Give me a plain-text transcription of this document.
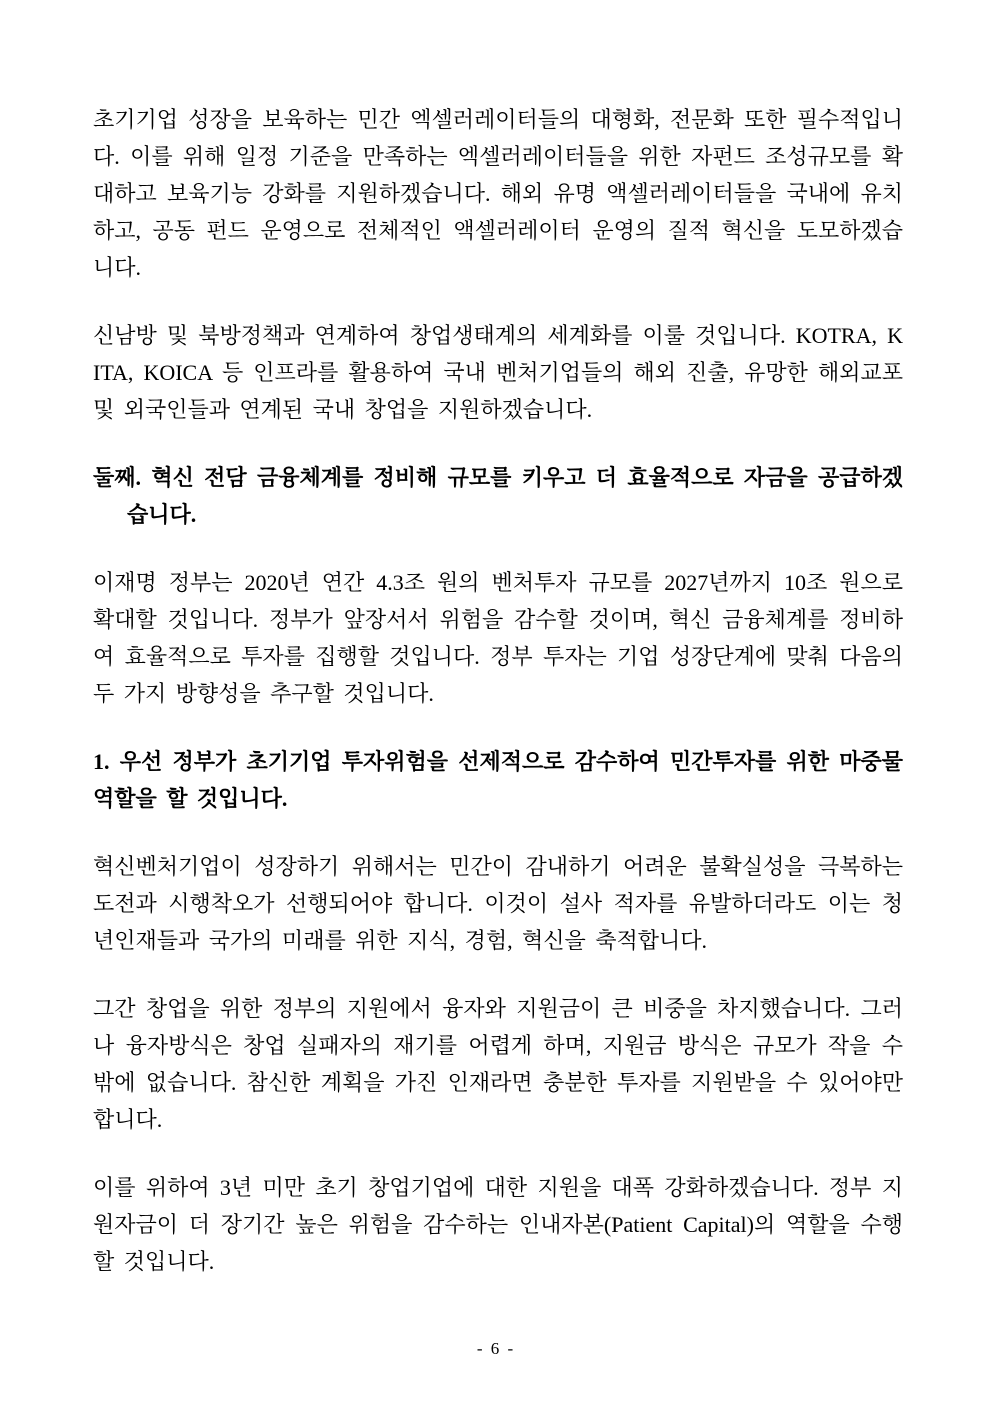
초기기업 성장을 보육하는 민간 엑셀러레이터들의 대형화, 전문화 또한 필수적입니다. 이를 위해 일정 기준을 만족하는 엑셀러레이터들을 위한 자펀드 조성규모를 확대하고 보육기능 강화를 지원하겠습니다. 해외 유명 액셀러레이터들을 국내에 유치하고, 공동 펀드 운영으로 전체적인 액셀러레이터 운영의 질적 혁신을 도모하겠습니다.

신남방 및 북방정책과 연계하여 창업생태계의 세계화를 이룰 것입니다. KOTRA, KITA, KOICA 등 인프라를 활용하여 국내 벤처기업들의 해외 진출, 유망한 해외교포 및 외국인들과 연계된 국내 창업을 지원하겠습니다.

둘째. 혁신 전담 금융체계를 정비해 규모를 키우고 더 효율적으로 자금을 공급하겠습니다.

이재명 정부는 2020년 연간 4.3조 원의 벤처투자 규모를 2027년까지 10조 원으로 확대할 것입니다. 정부가 앞장서서 위험을 감수할 것이며, 혁신 금융체계를 정비하여 효율적으로 투자를 집행할 것입니다. 정부 투자는 기업 성장단계에 맞춰 다음의 두 가지 방향성을 추구할 것입니다.

1. 우선 정부가 초기기업 투자위험을 선제적으로 감수하여 민간투자를 위한 마중물 역할을 할 것입니다.

혁신벤처기업이 성장하기 위해서는 민간이 감내하기 어려운 불확실성을 극복하는 도전과 시행착오가 선행되어야 합니다. 이것이 설사 적자를 유발하더라도 이는 청년인재들과 국가의 미래를 위한 지식, 경험, 혁신을 축적합니다.

그간 창업을 위한 정부의 지원에서 융자와 지원금이 큰 비중을 차지했습니다. 그러나 융자방식은 창업 실패자의 재기를 어렵게 하며, 지원금 방식은 규모가 작을 수밖에 없습니다. 참신한 계획을 가진 인재라면 충분한 투자를 지원받을 수 있어야만 합니다.

이를 위하여 3년 미만 초기 창업기업에 대한 지원을 대폭 강화하겠습니다. 정부 지원자금이 더 장기간 높은 위험을 감수하는 인내자본(Patient Capital)의 역할을 수행할 것입니다.

- 6 -
